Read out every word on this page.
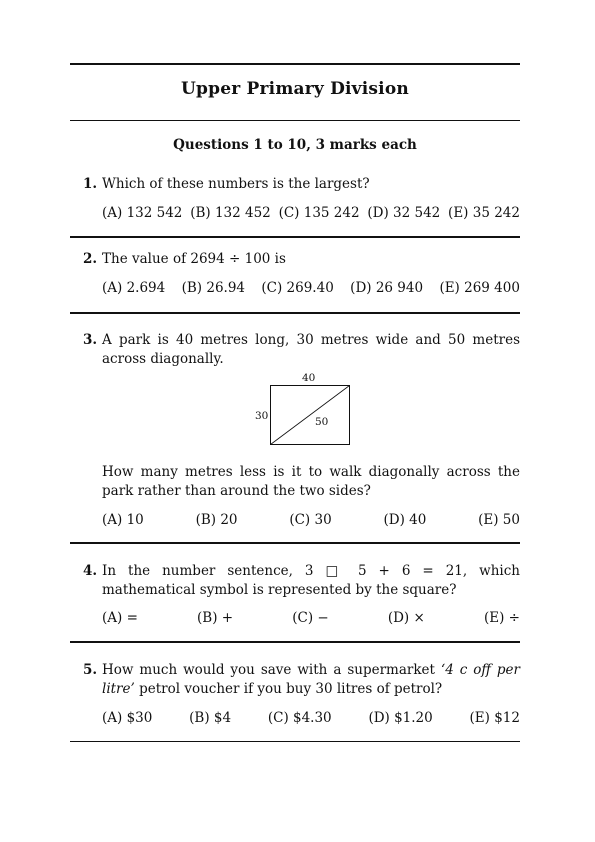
Upper Primary Division
Questions 1 to 10, 3 marks each
1. Which of these numbers is the largest?
(A) 132 542 (B) 132 452 (C) 135 242 (D) 32 542 (E) 35 242
2. The value of 2694 ÷ 100 is
(A) 2.694 (B) 26.94 (C) 269.40 (D) 26 940 (E) 269 400
3. A park is 40 metres long, 30 metres wide and 50 metres across diagonally.
40
30	50
How many metres less is it to walk diagonally across the park rather than around the two sides?
(A) 10	(B) 20	(C) 30	(D) 40	(E) 50
4. In the number sentence, 3 □ 5 + 6 = 21, which mathematical symbol is represented by the square?
(A) =	(B) +	(C) −	(D) ×	(E) ÷
5. How much would you save with a supermarket ‘4 c off per litre’ petrol voucher if you buy 30 litres of petrol?
(A) $30	(B) $4	(C) $4.30	(D) $1.20	(E) $12
